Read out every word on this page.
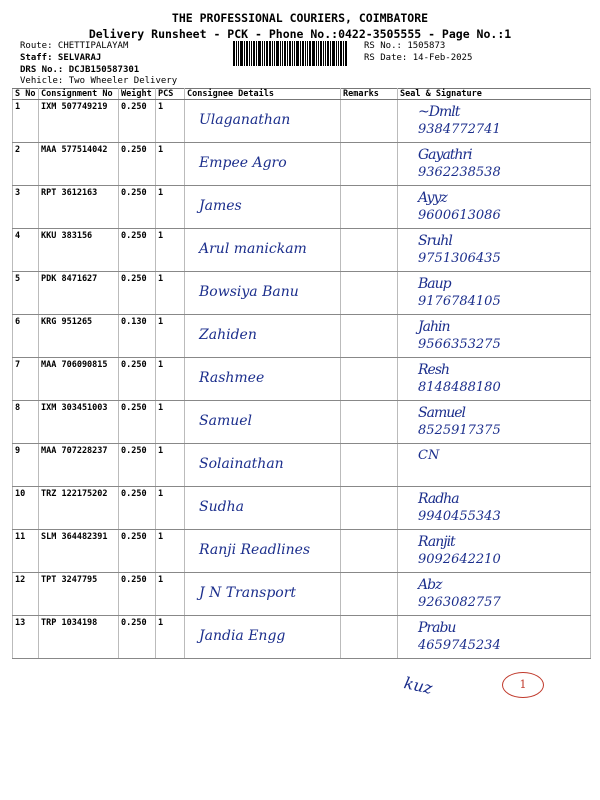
THE PROFESSIONAL COURIERS, COIMBATORE
Delivery Runsheet - PCK - Phone No.:0422-3505555 - Page No.:1
Route: CHETTIPALAYAM
Staff: SELVARAJ
DRS No.: DCJB150587301
Vehicle: Two Wheeler Delivery
RS No.: 1505873
RS Date: 14-Feb-2025
S No	Consignment No	Weight	PCS	Consignee Details	Remarks	Seal & Signature
1	IXM 507749219	0.250	1	Ulaganathan		~Dmlt
9384772741

2	MAA 577514042	0.250	1	Empee Agro		Gayathri
9362238538

3	RPT 3612163	0.250	1	James		Ayyz
9600613086

4	KKU 383156	0.250	1	Arul manickam		Sruhl
9751306435

5	PDK 8471627	0.250	1	Bowsiya Banu		Baup
9176784105

6	KRG 951265	0.130	1	Zahiden		Jahin
9566353275

7	MAA 706090815	0.250	1	Rashmee		Resh
8148488180

8	IXM 303451003	0.250	1	Samuel		Samuel
8525917375

9	MAA 707228237	0.250	1	Solainathan		CN

10	TRZ 122175202	0.250	1	Sudha		Radha
9940455343

11	SLM 364482391	0.250	1	Ranji Readlines		Ranjit
9092642210

12	TPT 3247795	0.250	1	J N Transport		Abz
9263082757

13	TRP 1034198	0.250	1	Jandia Engg		Prabu
4659745234
kuz	1
